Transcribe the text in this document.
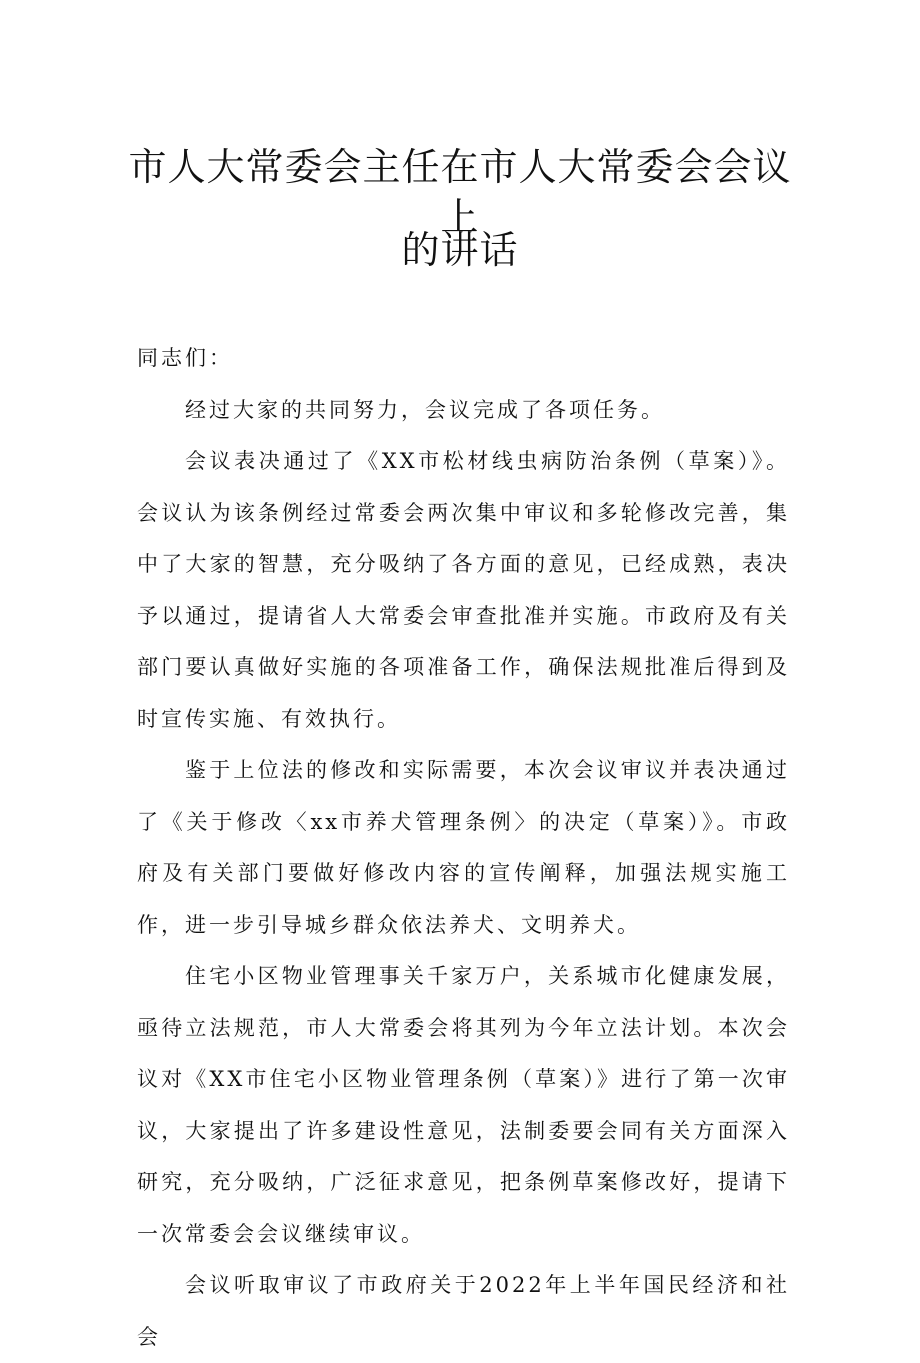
市人大常委会主任在市人大常委会会议上
的讲话

同志们：

经过大家的共同努力，会议完成了各项任务。

会议表决通过了《XX市松材线虫病防治条例（草案）》。会议认为该条例经过常委会两次集中审议和多轮修改完善，集中了大家的智慧，充分吸纳了各方面的意见，已经成熟，表决予以通过，提请省人大常委会审查批准并实施。市政府及有关部门要认真做好实施的各项准备工作，确保法规批准后得到及时宣传实施、有效执行。

鉴于上位法的修改和实际需要，本次会议审议并表决通过了《关于修改〈xx市养犬管理条例〉的决定（草案）》。市政府及有关部门要做好修改内容的宣传阐释，加强法规实施工作，进一步引导城乡群众依法养犬、文明养犬。

住宅小区物业管理事关千家万户，关系城市化健康发展，亟待立法规范，市人大常委会将其列为今年立法计划。本次会议对《XX市住宅小区物业管理条例（草案）》进行了第一次审议，大家提出了许多建设性意见，法制委要会同有关方面深入研究，充分吸纳，广泛征求意见，把条例草案修改好，提请下一次常委会会议继续审议。

会议听取审议了市政府关于2022年上半年国民经济和社会
